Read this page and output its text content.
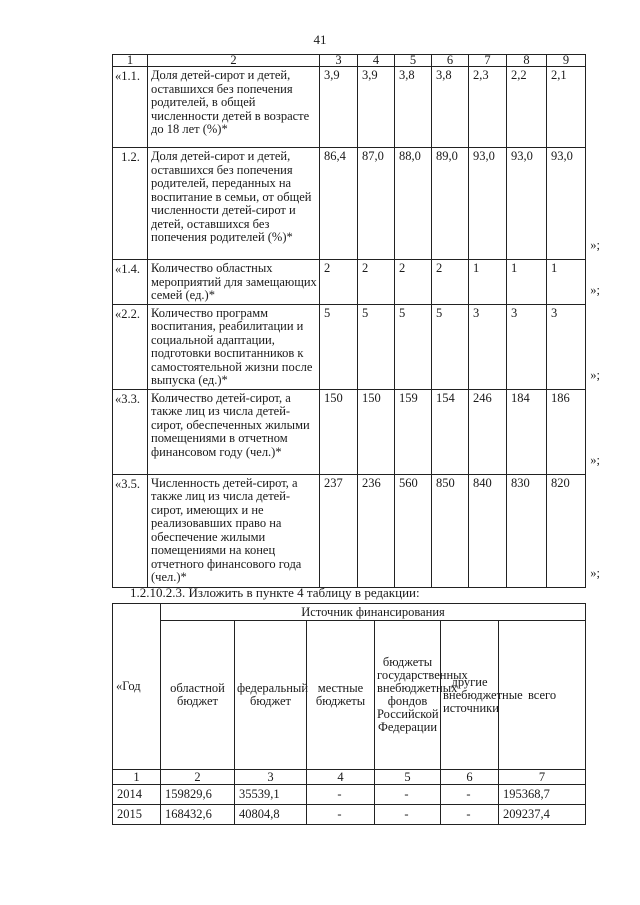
41
1	2	3	4	5	6	7	8	9
«1.1.	Доля детей-сирот и детей, оставшихся без попечения родителей, в общей численности детей в возрасте до 18 лет (%)*	3,9	3,9	3,8	3,8	2,3	2,2	2,1
1.2.	Доля детей-сирот и детей, оставшихся без попечения родителей, переданных на воспитание в семьи, от общей численности детей-сирот и детей, оставшихся без попечения родителей (%)*	86,4	87,0	88,0	89,0	93,0	93,0	93,0
«1.4.	Количество областных мероприятий для замещающих семей (ед.)*	2	2	2	2	1	1	1
«2.2.	Количество программ воспитания, реабилитации и социальной адаптации, подготовки воспитанников к самостоятельной жизни после выпуска (ед.)*	5	5	5	5	3	3	3
«3.3.	Количество детей-сирот, а также лиц из числа детей-сирот, обеспеченных жилыми помещениями в отчетном финансовом году (чел.)*	150	150	159	154	246	184	186
«3.5.	Численность детей-сирот, а также лиц из числа детей-сирот, имеющих и не реализовавших право на обеспечение жилыми помещениями на конец отчетного финансового года (чел.)*	237	236	560	850	840	830	820
»;
»;
»;
»;
»;
1.2.10.2.3. Изложить в пункте 4 таблицу в редакции:
«Год	Источник финансирования					
	областной бюджет	федеральный бюджет	местные бюджеты	бюджеты государственных внебюджетных фондов Российской Федерации	другие внебюджетные источники	всего
1	2	3	4	5	6	7
2014	159829,6	35539,1	-	-	-	195368,7
2015	168432,6	40804,8	-	-	-	209237,4
